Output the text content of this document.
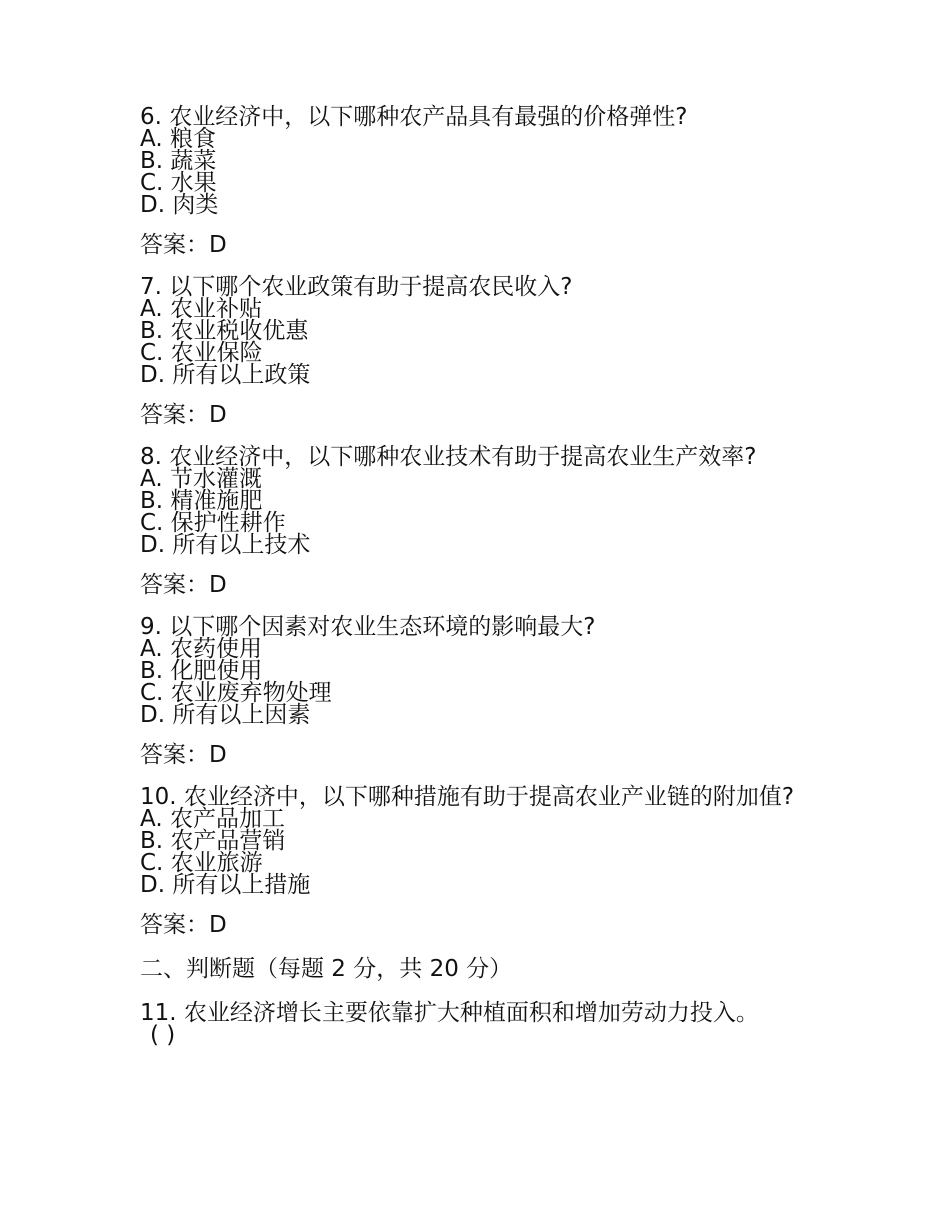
6. 农业经济中，以下哪种农产品具有最强的价格弹性?
A. 粮食
B. 蔬菜
C. 水果
D. 肉类
答案：D
7. 以下哪个农业政策有助于提高农民收入?
A. 农业补贴
B. 农业税收优惠
C. 农业保险
D. 所有以上政策
答案：D
8. 农业经济中，以下哪种农业技术有助于提高农业生产效率?
A. 节水灌溉
B. 精准施肥
C. 保护性耕作
D. 所有以上技术
答案：D
9. 以下哪个因素对农业生态环境的影响最大?
A. 农药使用
B. 化肥使用
C. 农业废弃物处理
D. 所有以上因素
答案：D
10. 农业经济中，以下哪种措施有助于提高农业产业链的附加值?
A. 农产品加工
B. 农产品营销
C. 农业旅游
D. 所有以上措施
答案：D
二、判断题（每题 2 分，共 20 分）
11. 农业经济增长主要依靠扩大种植面积和增加劳动力投入。
( )
